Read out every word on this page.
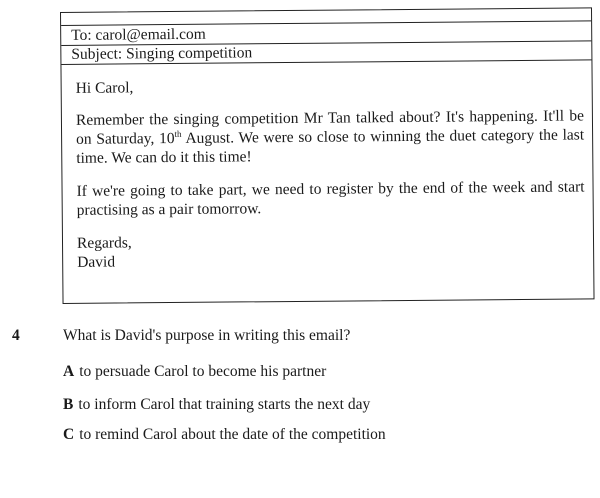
To: carol@email.com
Subject: Singing competition

Hi Carol,

Remember the singing competition Mr Tan talked about? It's happening. It'll be on Saturday, 10th August. We were so close to winning the duet category the last time. We can do it this time!

If we're going to take part, we need to register by the end of the week and start practising as a pair tomorrow.

Regards,

David

4	What is David's purpose in writing this email?
A to persuade Carol to become his partner
B to inform Carol that training starts the next day
C to remind Carol about the date of the competition
